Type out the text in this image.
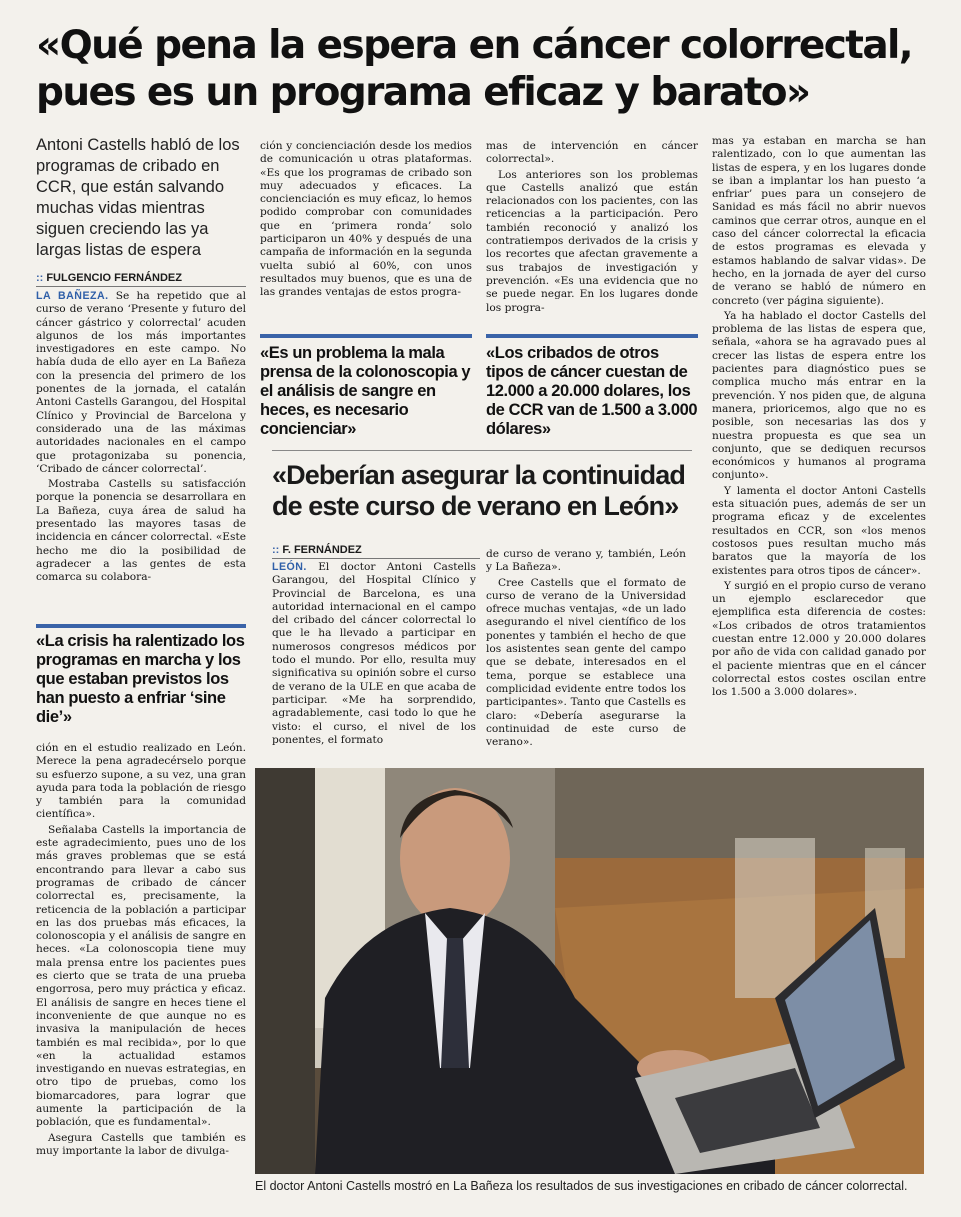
«Qué pena la espera en cáncer colorrectal,
pues es un programa eficaz y barato»

Antoni Castells habló de los programas de cribado en CCR, que están salvando muchas vidas mientras siguen creciendo las ya largas listas de espera

:: FULGENCIO FERNÁNDEZ

LA BAÑEZA. Se ha repetido que al curso de verano ‘Presente y futuro del cáncer gástrico y colorrectal’ acuden algunos de los más importantes investigadores en este campo. No había duda de ello ayer en La Bañeza con la presencia del primero de los ponentes de la jornada, el catalán Antoni Castells Garangou, del Hospital Clínico y Provincial de Barcelona y considerado una de las máximas autoridades nacionales en el campo que protagonizaba su ponencia, ‘Cribado de cáncer colorrectal’.

Mostraba Castells su satisfacción porque la ponencia se desarrollara en La Bañeza, cuya área de salud ha presentado las mayores tasas de incidencia en cáncer colorrectal. «Este hecho me dio la posibilidad de agradecer a las gentes de esta comarca su colabora-

«La crisis ha ralentizado los programas en marcha y los que estaban previstos los han puesto a enfriar ‘sine die’»

ción en el estudio realizado en León. Merece la pena agradecérselo porque su esfuerzo supone, a su vez, una gran ayuda para toda la población de riesgo y también para la comunidad científica».

Señalaba Castells la importancia de este agradecimiento, pues uno de los más graves problemas que se está encontrando para llevar a cabo sus programas de cribado de cáncer colorrectal es, precisamente, la reticencia de la población a participar en las dos pruebas más eficaces, la colonoscopia y el análisis de sangre en heces. «La colonoscopia tiene muy mala prensa entre los pacientes pues es cierto que se trata de una prueba engorrosa, pero muy práctica y eficaz. El análisis de sangre en heces tiene el inconveniente de que aunque no es invasiva la manipulación de heces también es mal recibida», por lo que «en la actualidad estamos investigando en nuevas estrategias, en otro tipo de pruebas, como los biomarcadores, para lograr que aumente la participación de la población, que es fundamental».

Asegura Castells que también es muy importante la labor de divulga-

ción y concienciación desde los medios de comunicación u otras plataformas. «Es que los programas de cribado son muy adecuados y eficaces. La concienciación es muy eficaz, lo hemos podido comprobar con comunidades que en ‘primera ronda’ solo participaron un 40% y después de una campaña de información en la segunda vuelta subió al 60%, con unos resultados muy buenos, que es una de las grandes ventajas de estos progra-

«Es un problema la mala prensa de la colonoscopia y el análisis de sangre en heces, es necesario concienciar»

mas de intervención en cáncer colorrectal».

Los anteriores son los problemas que Castells analizó que están relacionados con los pacientes, con las reticencias a la participación. Pero también reconoció y analizó los contratiempos derivados de la crisis y los recortes que afectan gravemente a sus trabajos de investigación y prevención. «Es una evidencia que no se puede negar. En los lugares donde los progra-

«Los cribados de otros tipos de cáncer cuestan de 12.000 a 20.000 dolares, los de CCR van de 1.500 a 3.000 dólares»

mas ya estaban en marcha se han ralentizado, con lo que aumentan las listas de espera, y en los lugares donde se iban a implantar los han puesto ‘a enfriar’ pues para un consejero de Sanidad es más fácil no abrir nuevos caminos que cerrar otros, aunque en el caso del cáncer colorrectal la eficacia de estos programas es elevada y estamos hablando de salvar vidas». De hecho, en la jornada de ayer del curso de verano se habló de número en concreto (ver página siguiente).

Ya ha hablado el doctor Castells del problema de las listas de espera que, señala, «ahora se ha agravado pues al crecer las listas de espera entre los pacientes para diagnóstico pues se complica mucho más entrar en la prevención. Y nos piden que, de alguna manera, prioricemos, algo que no es posible, son necesarias las dos y nuestra propuesta es que sea un conjunto, que se dediquen recursos económicos y humanos al programa conjunto».

Y lamenta el doctor Antoni Castells esta situación pues, además de ser un programa eficaz y de excelentes resultados en CCR, son «los menos costosos pues resultan mucho más baratos que la mayoría de los existentes para otros tipos de cáncer».

Y surgió en el propio curso de verano un ejemplo esclarecedor que ejemplifica esta diferencia de costes: «Los cribados de otros tratamientos cuestan entre 12.000 y 20.000 dolares por año de vida con calidad ganado por el paciente mientras que en el cáncer colorrectal estos costes oscilan entre los 1.500 a 3.000 dolares».

«Deberían asegurar la continuidad de este curso de verano en León»
:: F. FERNÁNDEZ

LEÓN. El doctor Antoni Castells Garangou, del Hospital Clínico y Provincial de Barcelona, es una autoridad internacional en el campo del cribado del cáncer colorrectal lo que le ha llevado a participar en numerosos congresos médicos por todo el mundo. Por ello, resulta muy significativa su opinión sobre el curso de verano de la ULE en que acaba de participar. «Me ha sorprendido, agradablemente, casi todo lo que he visto: el curso, el nivel de los ponentes, el formato

de curso de verano y, también, León y La Bañeza».

Cree Castells que el formato de curso de verano de la Universidad ofrece muchas ventajas, «de un lado asegurando el nivel científico de los ponentes y también el hecho de que los asistentes sean gente del campo que se debate, interesados en el tema, porque se establece una complicidad evidente entre todos los participantes». Tanto que Castells es claro: «Debería asegurarse la continuidad de este curso de verano».

El doctor Antoni Castells mostró en La Bañeza los resultados de sus investigaciones en cribado de cáncer colorrectal.
